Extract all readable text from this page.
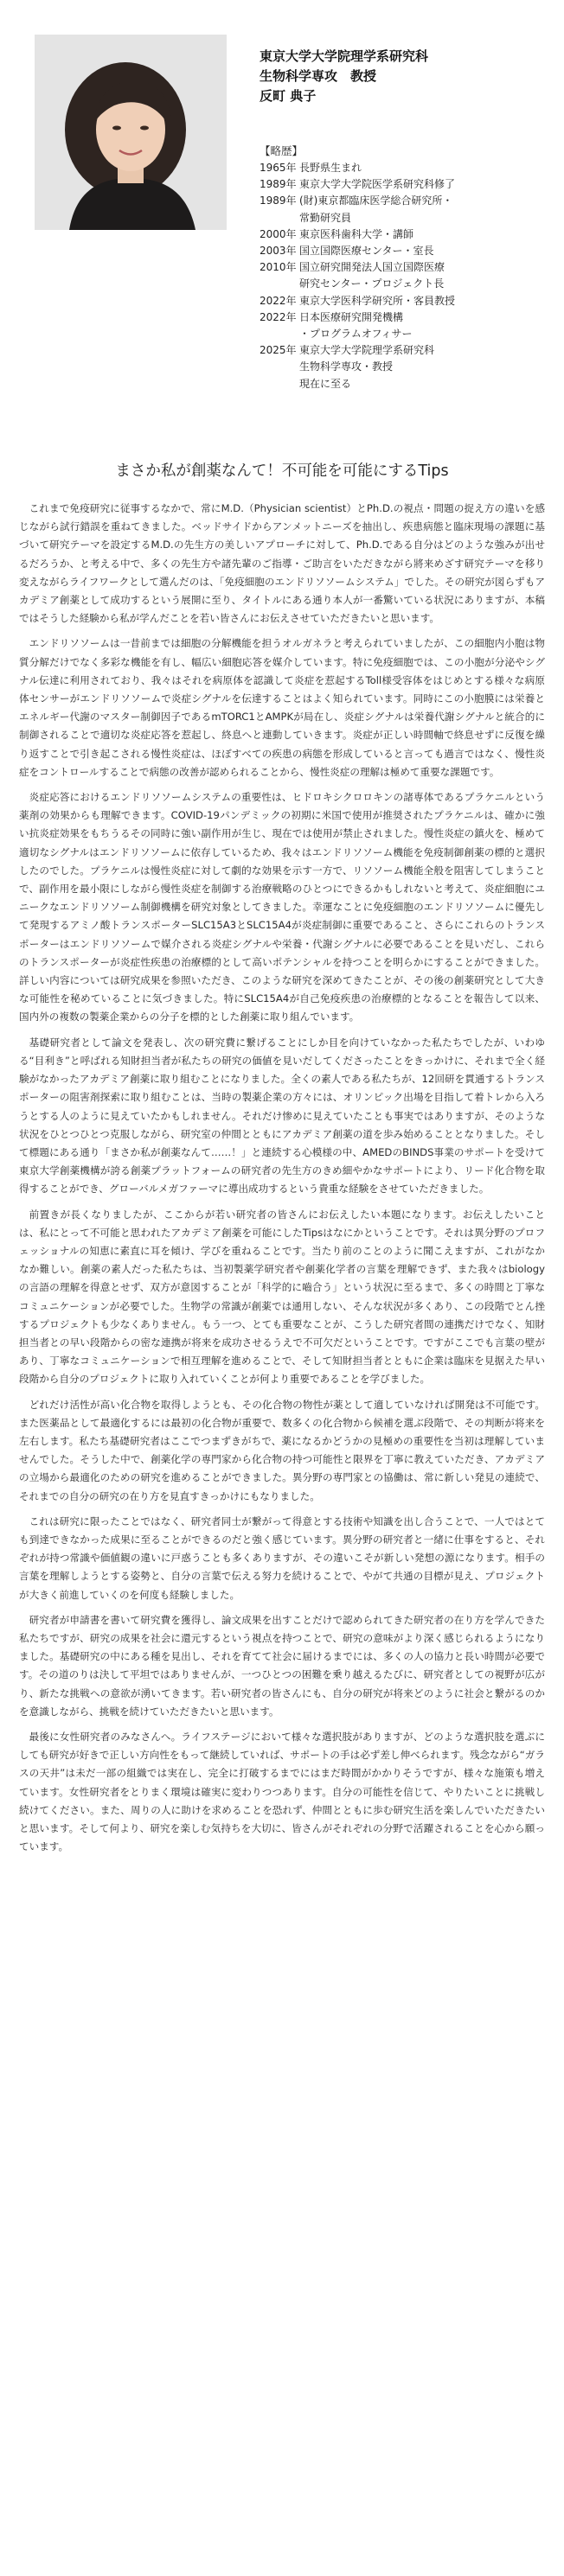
東京大学大学院理学系研究科
生物科学専攻　教授
反町 典子
【略歴】
1965年	長野県生まれ
1989年	東京大学大学院医学系研究科修了
1989年	(財)東京都臨床医学総合研究所・
	常勤研究員
2000年	東京医科歯科大学・講師
2003年	国立国際医療センター・室長
2010年	国立研究開発法人国立国際医療
	研究センター・プロジェクト長
2022年	東京大学医科学研究所・客員教授
2022年	日本医療研究開発機構
	・プログラムオフィサー
2025年	東京大学大学院理学系研究科
	生物科学専攻・教授
	現在に至る
まさか私が創薬なんて！不可能を可能にするTips

これまで免疫研究に従事するなかで、常にM.D.（Physician scientist）とPh.D.の視点・問題の捉え方の違いを感じながら試行錯誤を重ねてきました。ベッドサイドからアンメットニーズを抽出し、疾患病態と臨床現場の課題に基づいて研究テーマを設定するM.D.の先生方の美しいアプローチに対して、Ph.D.である自分はどのような強みが出せるだろうか、と考える中で、多くの先生方や諸先輩のご指導・ご助言をいただきながら將来めざす研究テーマを移り変えながらライフワークとして選んだのは、「免疫細胞のエンドリソソームシステム」でした。その研究が図らずもアカデミア創薬として成功するという展開に至り、タイトルにある通り本人が一番驚いている状況にありますが、本稿ではそうした経験から私が学んだことを若い皆さんにお伝えさせていただきたいと思います。

エンドリソソームは一昔前までは細胞の分解機能を担うオルガネラと考えられていましたが、この細胞内小胞は物質分解だけでなく多彩な機能を有し、幅広い細胞応答を媒介しています。特に免疫細胞では、この小胞が分泌やシグナル伝達に利用されており、我々はそれを病原体を認識して炎症を惹起するToll様受容体をはじめとする様々な病原体センサーがエンドリソソームで炎症シグナルを伝達することはよく知られています。同時にこの小胞膜には栄養とエネルギー代謝のマスター制御因子であるmTORC1とAMPKが局在し、炎症シグナルは栄養代謝シグナルと統合的に制御されることで適切な炎症応答を惹起し、終息へと連動していきます。炎症が正しい時間軸で終息せずに反復を繰り返すことで引き起こされる慢性炎症は、ほぼすべての疾患の病態を形成していると言っても過言ではなく、慢性炎症をコントロールすることで病態の改善が認められることから、慢性炎症の理解は極めて重要な課題です。

炎症応答におけるエンドリソソームシステムの重要性は、ヒドロキシクロロキンの諸専体であるプラケニルという薬剤の効果からも理解できます。COVID-19パンデミックの初期に米国で使用が推奨されたプラケニルは、確かに強い抗炎症効果をもちうるその同時に強い副作用が生じ、現在では使用が禁止されました。慢性炎症の鎮火を、極めて適切なシグナルはエンドリソソームに依存しているため、我々はエンドリソソーム機能を免疫制御創薬の標的と選択したのでした。プラケニルは慢性炎症に対して劇的な効果を示す一方で、リソソーム機能全般を阻害してしまうことで、副作用を最小限にしながら慢性炎症を制御する治療戦略のひとつにできるかもしれないと考えて、炎症細胞にユニークなエンドリソソーム制御機構を研究対象としてきました。幸運なことに免疫細胞のエンドリソソームに優先して発現するアミノ酸トランスポーターSLC15A3とSLC15A4が炎症制御に重要であること、さらにこれらのトランスポーターはエンドリソソームで媒介される炎症シグナルや栄養・代謝シグナルに必要であることを見いだし、これらのトランスポーターが炎症性疾患の治療標的として高いポテンシャルを持つことを明らかにすることができました。詳しい内容については研究成果を参照いただき、このような研究を深めてきたことが、その後の創薬研究として大きな可能性を秘めていることに気づきました。特にSLC15A4が自己免疫疾患の治療標的となることを報告して以来、国内外の複数の製薬企業からの分子を標的とした創薬に取り組んでいます。

基礎研究者として論文を発表し、次の研究費に繋げることにしか目を向けていなかった私たちでしたが、いわゆる“目利き”と呼ばれる知財担当者が私たちの研究の価値を見いだしてくださったことをきっかけに、それまで全く経験がなかったアカデミア創薬に取り組むことになりました。全くの素人である私たちが、12回研を貫通するトランスポーターの阻害剤探索に取り組むことは、当時の製薬企業の方々には、オリンピック出場を目指して着トレから入ろうとする人のように見えていたかもしれません。それだけ惨めに見えていたことも事実ではありますが、そのような状況をひとつひとつ克服しながら、研究室の仲間とともにアカデミア創薬の道を歩み始めることとなりました。そして標題にある通り「まさか私が創薬なんて……！」と連続する心模様の中、AMEDのBINDS事業のサポートを受けて東京大学創薬機構が誇る創薬プラットフォームの研究者の先生方のきめ細やかなサポートにより、リード化合物を取得することができ、グローバルメガファーマに導出成功するという貴重な経験をさせていただきました。

前置きが長くなりましたが、ここからが若い研究者の皆さんにお伝えしたい本題になります。お伝えしたいことは、私にとって不可能と思われたアカデミア創薬を可能にしたTipsはなにかということです。それは異分野のプロフェッショナルの知恵に素直に耳を傾け、学びを重ねることです。当たり前のことのように聞こえますが、これがなかなか難しい。創薬の素人だった私たちは、当初製薬学研究者や創薬化学者の言葉を理解できず、また我々はbiologyの言語の理解を得意とせず、双方が意図することが「科学的に嚙合う」という状況に至るまで、多くの時間と丁寧なコミュニケーションが必要でした。生物学の常識が創薬では通用しない、そんな状況が多くあり、この段階でとん挫するプロジェクトも少なくありません。もう一つ、とても重要なことが、こうした研究者間の連携だけでなく、知財担当者との早い段階からの密な連携が将来を成功させるうえで不可欠だということです。ですがここでも言葉の壁があり、丁寧なコミュニケーションで相互理解を進めることで、そして知財担当者とともに企業は臨床を見据えた早い段階から自分のプロジェクトに取り入れていくことが何より重要であることを学びました。

どれだけ活性が高い化合物を取得しようとも、その化合物の物性が薬として適していなければ開発は不可能です。また医薬品として最適化するには最初の化合物が重要で、数多くの化合物から候補を選ぶ段階で、その判断が将来を左右します。私たち基礎研究者はここでつまずきがちで、薬になるかどうかの見極めの重要性を当初は理解していませんでした。そうした中で、創薬化学の専門家から化合物の持つ可能性と限界を丁寧に教えていただき、アカデミアの立場から最適化のための研究を進めることができました。異分野の専門家との協働は、常に新しい発見の連続で、それまでの自分の研究の在り方を見直すきっかけにもなりました。

これは研究に限ったことではなく、研究者同士が繋がって得意とする技術や知識を出し合うことで、一人ではとても到達できなかった成果に至ることができるのだと強く感じています。異分野の研究者と一緒に仕事をすると、それぞれが持つ常識や価値観の違いに戸惑うことも多くありますが、その違いこそが新しい発想の源になります。相手の言葉を理解しようとする姿勢と、自分の言葉で伝える努力を続けることで、やがて共通の目標が見え、プロジェクトが大きく前進していくのを何度も経験しました。

研究者が申請書を書いて研究費を獲得し、論文成果を出すことだけで認められてきた研究者の在り方を学んできた私たちですが、研究の成果を社会に還元するという視点を持つことで、研究の意味がより深く感じられるようになりました。基礎研究の中にある種を見出し、それを育てて社会に届けるまでには、多くの人の協力と長い時間が必要です。その道のりは決して平坦ではありませんが、一つひとつの困難を乗り越えるたびに、研究者としての視野が広がり、新たな挑戦への意欲が湧いてきます。若い研究者の皆さんにも、自分の研究が将来どのように社会と繋がるのかを意識しながら、挑戦を続けていただきたいと思います。

最後に女性研究者のみなさんへ。ライフステージにおいて様々な選択肢がありますが、どのような選択肢を選ぶにしても研究が好きで正しい方向性をもって継続していれば、サポートの手は必ず差し伸べられます。残念ながら“ガラスの天井”は未だ一部の組織では実在し、完全に打破するまでにはまだ時間がかかりそうですが、様々な施策も増えています。女性研究者をとりまく環境は確実に変わりつつあります。自分の可能性を信じて、やりたいことに挑戦し続けてください。また、周りの人に助けを求めることを恐れず、仲間とともに歩む研究生活を楽しんでいただきたいと思います。そして何より、研究を楽しむ気持ちを大切に、皆さんがそれぞれの分野で活躍されることを心から願っています。
